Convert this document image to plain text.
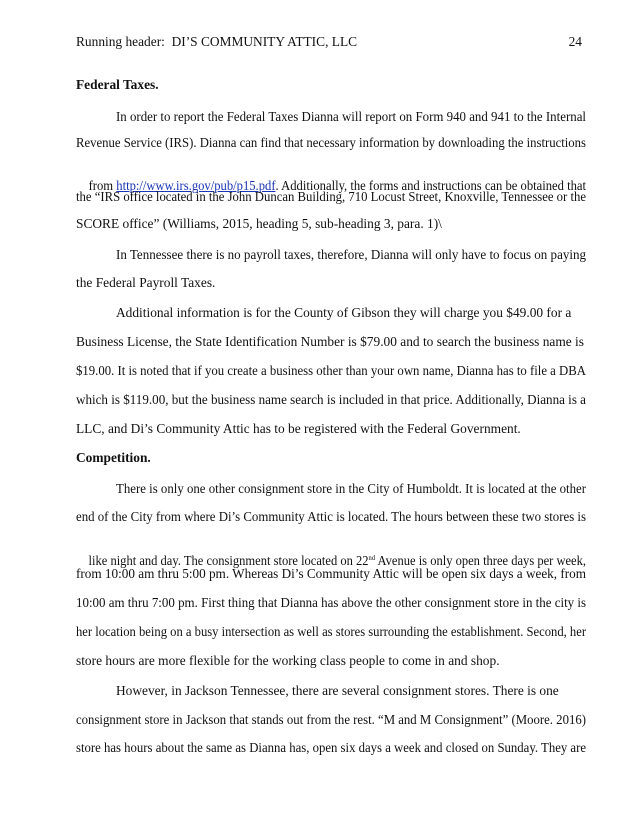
Running header:  DI’S COMMUNITY ATTIC, LLC	24
Federal Taxes.
In order to report the Federal Taxes Dianna will report on Form 940 and 941 to the Internal
Revenue Service (IRS). Dianna can find that necessary information by downloading the instructions

from http://www.irs.gov/pub/p15.pdf. Additionally, the forms and instructions can be obtained that

the “IRS office located in the John Duncan Building, 710 Locust Street, Knoxville, Tennessee or the
SCORE office” (Williams, 2015, heading 5, sub-heading 3, para. 1)\
In Tennessee there is no payroll taxes, therefore, Dianna will only have to focus on paying
the Federal Payroll Taxes.
Additional information is for the County of Gibson they will charge you $49.00 for a
Business License, the State Identification Number is $79.00 and to search the business name is
$19.00. It is noted that if you create a business other than your own name, Dianna has to file a DBA
which is $119.00, but the business name search is included in that price. Additionally, Dianna is a
LLC, and Di’s Community Attic has to be registered with the Federal Government.
Competition.
There is only one other consignment store in the City of Humboldt. It is located at the other
end of the City from where Di’s Community Attic is located. The hours between these two stores is

like night and day. The consignment store located on 22nd Avenue is only open three days per week,

from 10:00 am thru 5:00 pm. Whereas Di’s Community Attic will be open six days a week, from
10:00 am thru 7:00 pm. First thing that Dianna has above the other consignment store in the city is
her location being on a busy intersection as well as stores surrounding the establishment. Second, her
store hours are more flexible for the working class people to come in and shop.
However, in Jackson Tennessee, there are several consignment stores. There is one
consignment store in Jackson that stands out from the rest. “M and M Consignment” (Moore. 2016)
store has hours about the same as Dianna has, open six days a week and closed on Sunday. They are
